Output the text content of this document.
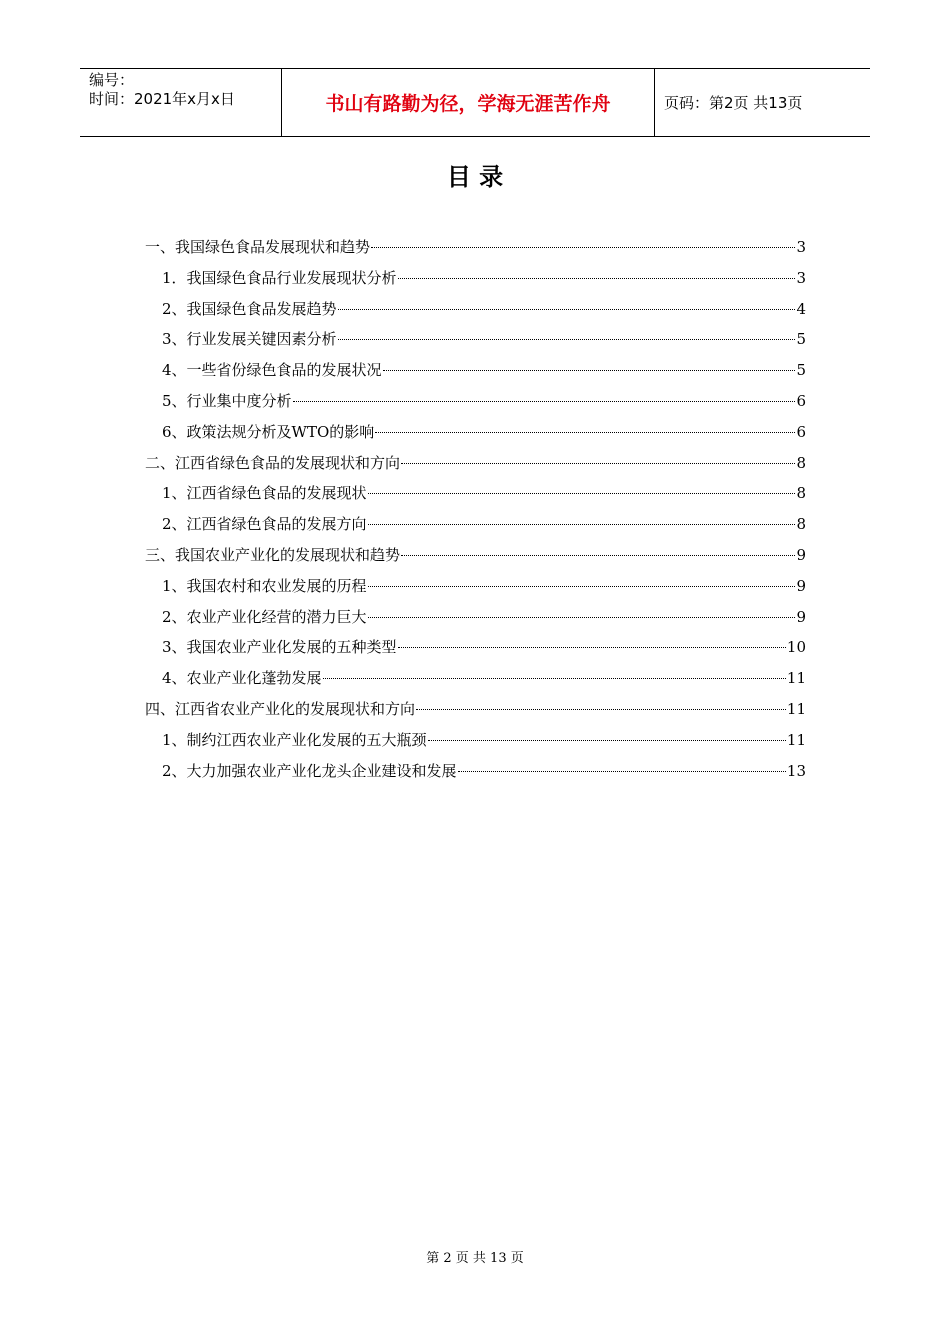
编号：
时间：2021年x月x日	书山有路勤为径，学海无涯苦作舟	页码：第2页 共13页
目 录
一、我国绿色食品发展现状和趋势	3
1．我国绿色食品行业发展现状分析	3
2、我国绿色食品发展趋势	4
3、行业发展关键因素分析	5
4、一些省份绿色食品的发展状况	5
5、行业集中度分析	6
6、政策法规分析及WTO的影响	6
二、江西省绿色食品的发展现状和方向	8
1、江西省绿色食品的发展现状	8
2、江西省绿色食品的发展方向	8
三、我国农业产业化的发展现状和趋势	9
1、我国农村和农业发展的历程	9
2、农业产业化经营的潜力巨大	9
3、我国农业产业化发展的五种类型	10
4、农业产业化蓬勃发展	11
四、江西省农业产业化的发展现状和方向	11
1、制约江西农业产业化发展的五大瓶颈	11
2、大力加强农业产业化龙头企业建设和发展	13
第 2 页 共 13 页
